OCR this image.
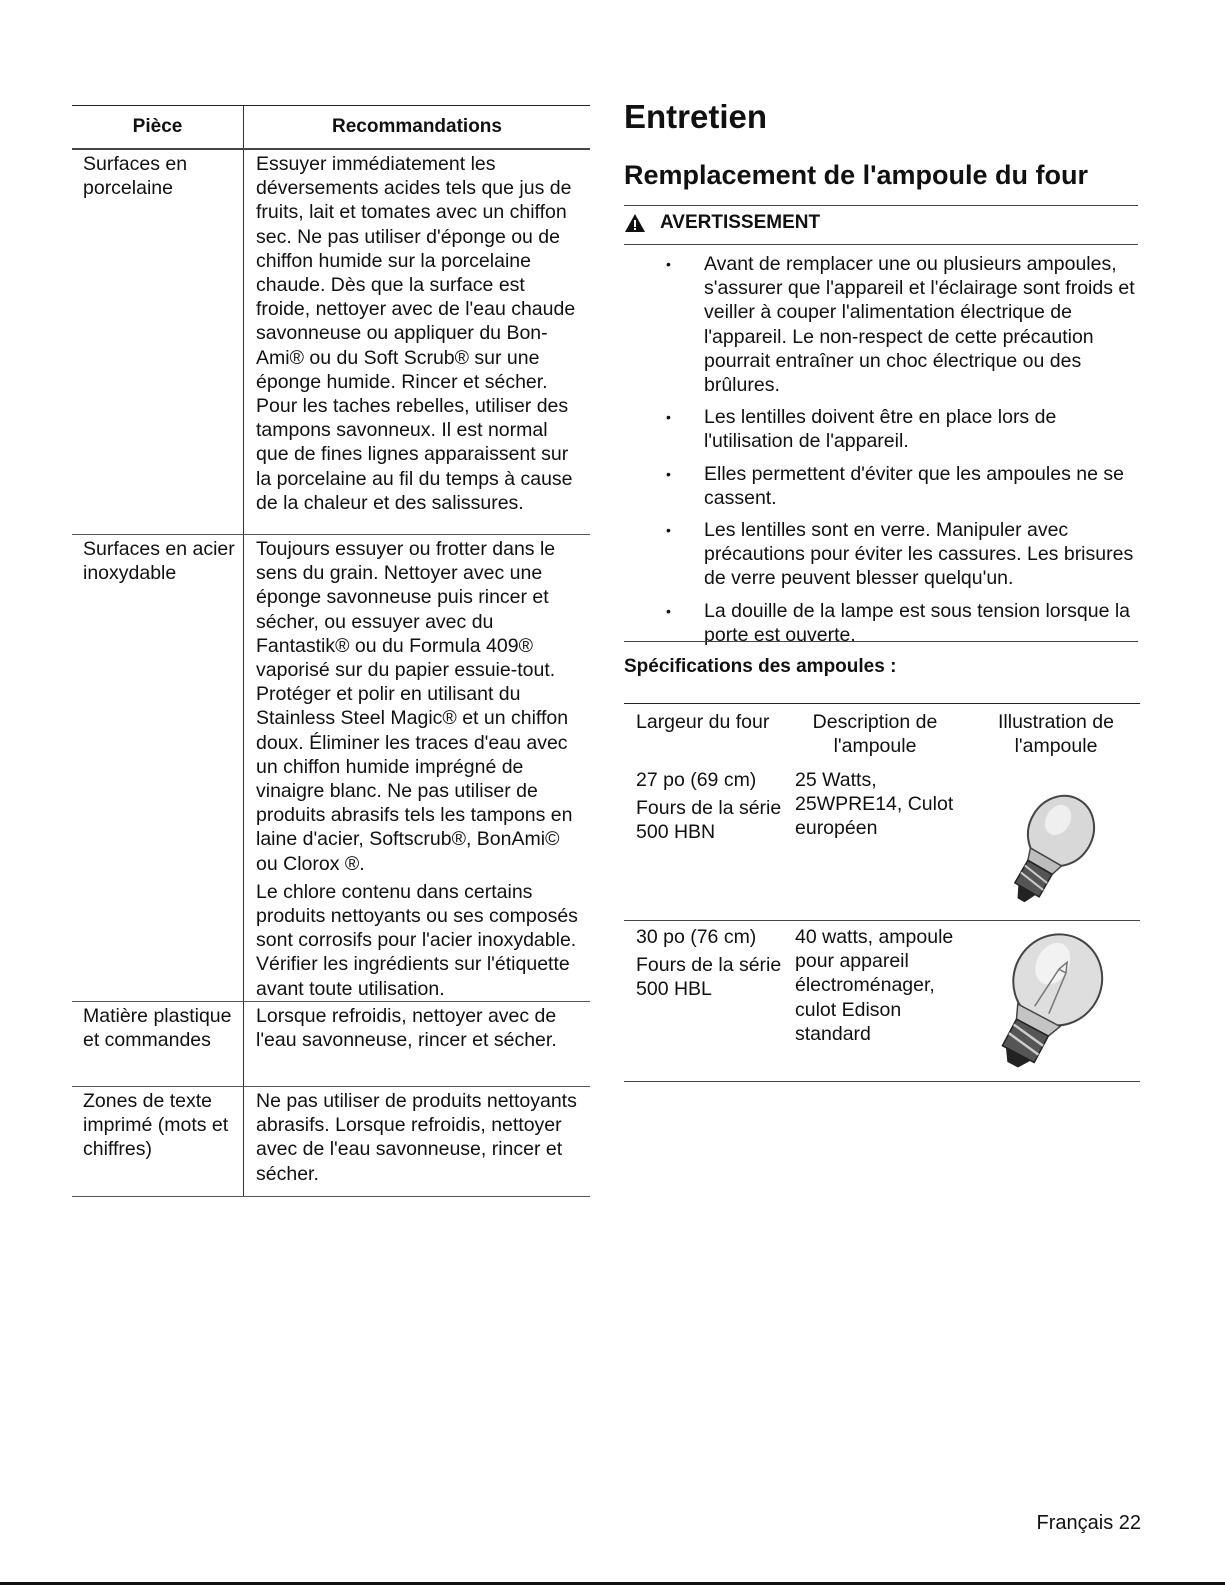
Pièce	Recommandations
Surfaces en porcelaine
Essuyer immédiatement les déversements acides tels que jus de fruits, lait et tomates avec un chiffon sec. Ne pas utiliser d'éponge ou de chiffon humide sur la porcelaine chaude. Dès que la surface est froide, nettoyer avec de l'eau chaude savonneuse ou appliquer du Bon-Ami® ou du Soft Scrub® sur une éponge humide. Rincer et sécher. Pour les taches rebelles, utiliser des tampons savonneux. Il est normal que de fines lignes apparaissent sur la porcelaine au fil du temps à cause de la chaleur et des salissures.
Surfaces en acier inoxydable
Toujours essuyer ou frotter dans le sens du grain. Nettoyer avec une éponge savonneuse puis rincer et sécher, ou essuyer avec du Fantastik® ou du Formula 409® vaporisé sur du papier essuie-tout. Protéger et polir en utilisant du Stainless Steel Magic® et un chiffon doux. Éliminer les traces d'eau avec un chiffon humide imprégné de vinaigre blanc. Ne pas utiliser de produits abrasifs tels les tampons en laine d'acier, Softscrub®, BonAmi© ou Clorox ®.
Le chlore contenu dans certains produits nettoyants ou ses composés sont corrosifs pour l'acier inoxydable. Vérifier les ingrédients sur l'étiquette avant toute utilisation.
Matière plastique et commandes
Lorsque refroidis, nettoyer avec de l'eau savonneuse, rincer et sécher.
Zones de texte imprimé (mots et chiffres)
Ne pas utiliser de produits nettoyants abrasifs. Lorsque refroidis, nettoyer avec de l'eau savonneuse, rincer et sécher.
Entretien
Remplacement de l'ampoule du four
AVERTISSEMENT
• Avant de remplacer une ou plusieurs ampoules, s'assurer que l'appareil et l'éclairage sont froids et veiller à couper l'alimentation électrique de l'appareil. Le non-respect de cette précaution pourrait entraîner un choc électrique ou des brûlures.
• Les lentilles doivent être en place lors de l'utilisation de l'appareil.
• Elles permettent d'éviter que les ampoules ne se cassent.
• Les lentilles sont en verre. Manipuler avec précautions pour éviter les cassures. Les brisures de verre peuvent blesser quelqu'un.
• La douille de la lampe est sous tension lorsque la porte est ouverte.
Spécifications des ampoules :
Largeur du four	Description de l'ampoule
Illustration de l'ampoule
27 po (69 cm)
Fours de la série 500 HBN
25 Watts, 25WPRE14, Culot européen
30 po (76 cm)
Fours de la série 500 HBL
40 watts, ampoule pour appareil électroménager, culot Edison standard
Français 22
